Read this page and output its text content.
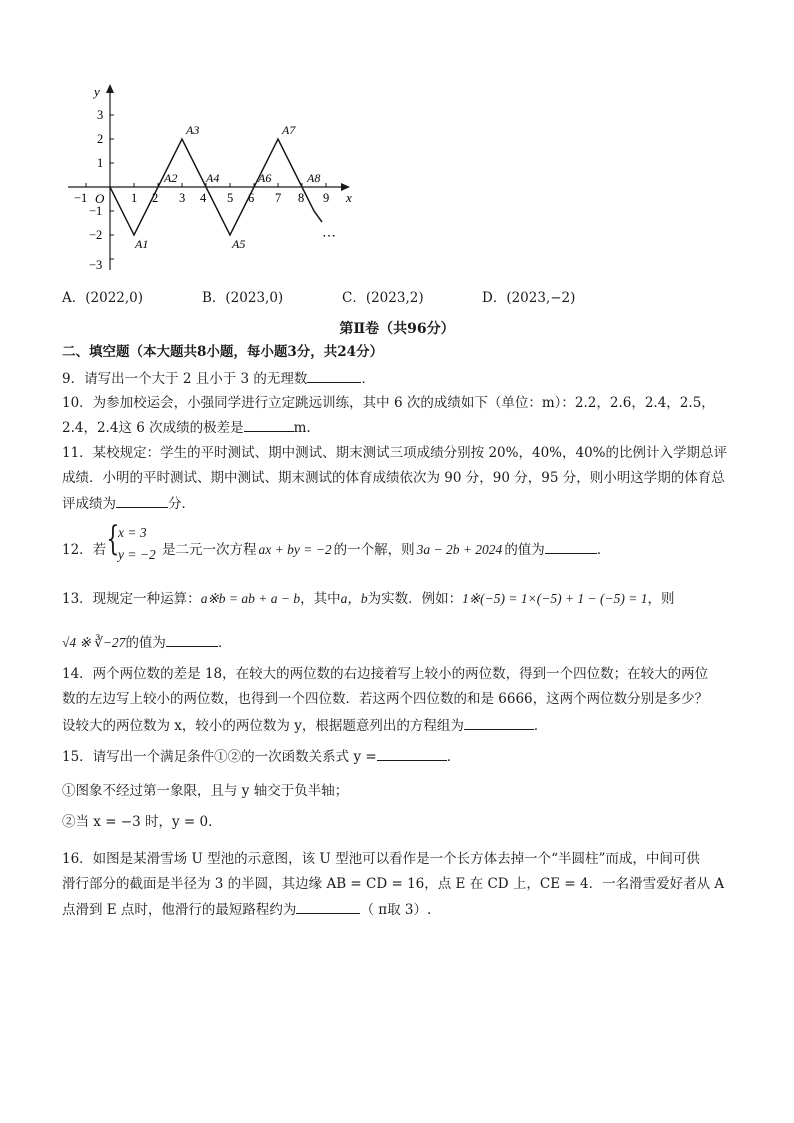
y
x
O
3
2
1
−1
−2
−3
−1	1 2 3 4 5 6 7 8 9
A1
A2
A3
A4
A5
A6
A7
A8
⋯
A．(2022,0)	B．(2023,0)	C．(2023,2)	D．(2023,−2)
第Ⅱ卷（共96分）
二、填空题（本大题共8小题，每小题3分，共24分）
9．请写出一个大于 2 且小于 3 的无理数	．
10．为参加校运会，小强同学进行立定跳远训练，其中 6 次的成绩如下（单位：m）：2.2，2.6，2.4，2.5，
2.4，2.4这 6 次成绩的极差是	m.
11．某校规定：学生的平时测试、期中测试、期末测试三项成绩分别按 20%，40%，40%的比例计入学期总评
成绩．小明的平时测试、期中测试、期末测试的体育成绩依次为 90 分，90 分，95 分，则小明这学期的体育总
评成绩为	分．
12．若 {
x = 3
y = −2 是二元一次方程 ax + by = −2 的一个解，则 3a − 2b + 2024 的值为	．
13．现规定一种运算：a※b = ab + a − b，其中a，b为实数．例如：1※(−5) = 1×(−5) + 1 − (−5) = 1，则
√4 ※ ∛−27的值为	．
14．两个两位数的差是 18，在较大的两位数的右边接着写上较小的两位数，得到一个四位数；在较大的两位
数的左边写上较小的两位数，也得到一个四位数．若这两个四位数的和是 6666，这两个两位数分别是多少？
设较大的两位数为 x，较小的两位数为 y，根据题意列出的方程组为	．
15．请写出一个满足条件①②的一次函数关系式 y =	．
①图象不经过第一象限，且与 y 轴交于负半轴；
②当 x = −3 时，y = 0．
16．如图是某滑雪场 U 型池的示意图，该 U 型池可以看作是一个长方体去掉一个“半圆柱”而成，中间可供
滑行部分的截面是半径为 3 的半圆，其边缘 AB = CD = 16，点 E 在 CD 上，CE = 4．一名滑雪爱好者从 A
点滑到 E 点时，他滑行的最短路程约为	（ π取 3）.
